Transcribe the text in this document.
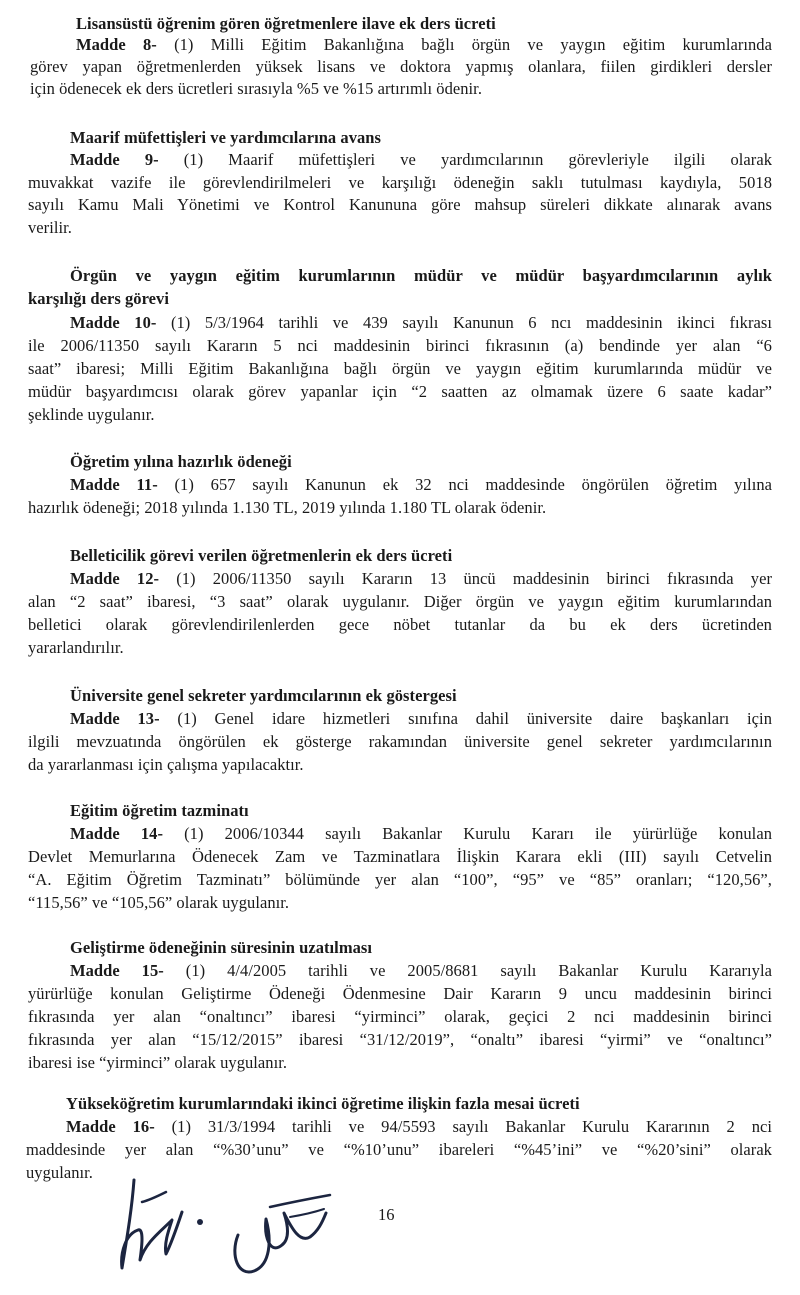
Lisansüstü öğrenim gören öğretmenlere ilave ek ders ücreti
Madde 8- (1) Milli Eğitim Bakanlığına bağlı örgün ve yaygın eğitim kurumlarında
görev yapan öğretmenlerden yüksek lisans ve doktora yapmış olanlara, fiilen girdikleri dersler
için ödenecek ek ders ücretleri sırasıyla %5 ve %15 artırımlı ödenir.
Maarif müfettişleri ve yardımcılarına avans
Madde 9- (1) Maarif müfettişleri ve yardımcılarının görevleriyle ilgili olarak
muvakkat vazife ile görevlendirilmeleri ve karşılığı ödeneğin saklı tutulması kaydıyla, 5018
sayılı Kamu Mali Yönetimi ve Kontrol Kanununa göre mahsup süreleri dikkate alınarak avans
verilir.
Örgün ve yaygın eğitim kurumlarının müdür ve müdür başyardımcılarının aylık
karşılığı ders görevi
Madde 10- (1) 5/3/1964 tarihli ve 439 sayılı Kanunun 6 ncı maddesinin ikinci fıkrası
ile 2006/11350 sayılı Kararın 5 nci maddesinin birinci fıkrasının (a) bendinde yer alan “6
saat” ibaresi; Milli Eğitim Bakanlığına bağlı örgün ve yaygın eğitim kurumlarında müdür ve
müdür başyardımcısı olarak görev yapanlar için “2 saatten az olmamak üzere 6 saate kadar”
şeklinde uygulanır.
Öğretim yılına hazırlık ödeneği
Madde 11- (1) 657 sayılı Kanunun ek 32 nci maddesinde öngörülen öğretim yılına
hazırlık ödeneği; 2018 yılında 1.130 TL, 2019 yılında 1.180 TL olarak ödenir.
Belleticilik görevi verilen öğretmenlerin ek ders ücreti
Madde 12- (1) 2006/11350 sayılı Kararın 13 üncü maddesinin birinci fıkrasında yer
alan “2 saat” ibaresi, “3 saat” olarak uygulanır. Diğer örgün ve yaygın eğitim kurumlarından
belletici olarak görevlendirilenlerden gece nöbet tutanlar da bu ek ders ücretinden
yararlandırılır.
Üniversite genel sekreter yardımcılarının ek göstergesi
Madde 13- (1) Genel idare hizmetleri sınıfına dahil üniversite daire başkanları için
ilgili mevzuatında öngörülen ek gösterge rakamından üniversite genel sekreter yardımcılarının
da yararlanması için çalışma yapılacaktır.
Eğitim öğretim tazminatı
Madde 14- (1) 2006/10344 sayılı Bakanlar Kurulu Kararı ile yürürlüğe konulan
Devlet Memurlarına Ödenecek Zam ve Tazminatlara İlişkin Karara ekli (III) sayılı Cetvelin
“A. Eğitim Öğretim Tazminatı” bölümünde yer alan “100”, “95” ve “85” oranları; “120,56”,
“115,56” ve “105,56” olarak uygulanır.
Geliştirme ödeneğinin süresinin uzatılması
Madde 15- (1) 4/4/2005 tarihli ve 2005/8681 sayılı Bakanlar Kurulu Kararıyla
yürürlüğe konulan Geliştirme Ödeneği Ödenmesine Dair Kararın 9 uncu maddesinin birinci
fıkrasında yer alan “onaltıncı” ibaresi “yirminci” olarak, geçici 2 nci maddesinin birinci
fıkrasında yer alan “15/12/2015” ibaresi “31/12/2019”, “onaltı” ibaresi “yirmi” ve “onaltıncı”
ibaresi ise “yirminci” olarak uygulanır.
Yükseköğretim kurumlarındaki ikinci öğretime ilişkin fazla mesai ücreti
Madde 16- (1) 31/3/1994 tarihli ve 94/5593 sayılı Bakanlar Kurulu Kararının 2 nci
maddesinde yer alan “%30’unu” ve “%10’unu” ibareleri “%45’ini” ve “%20’sini” olarak
uygulanır.
16
